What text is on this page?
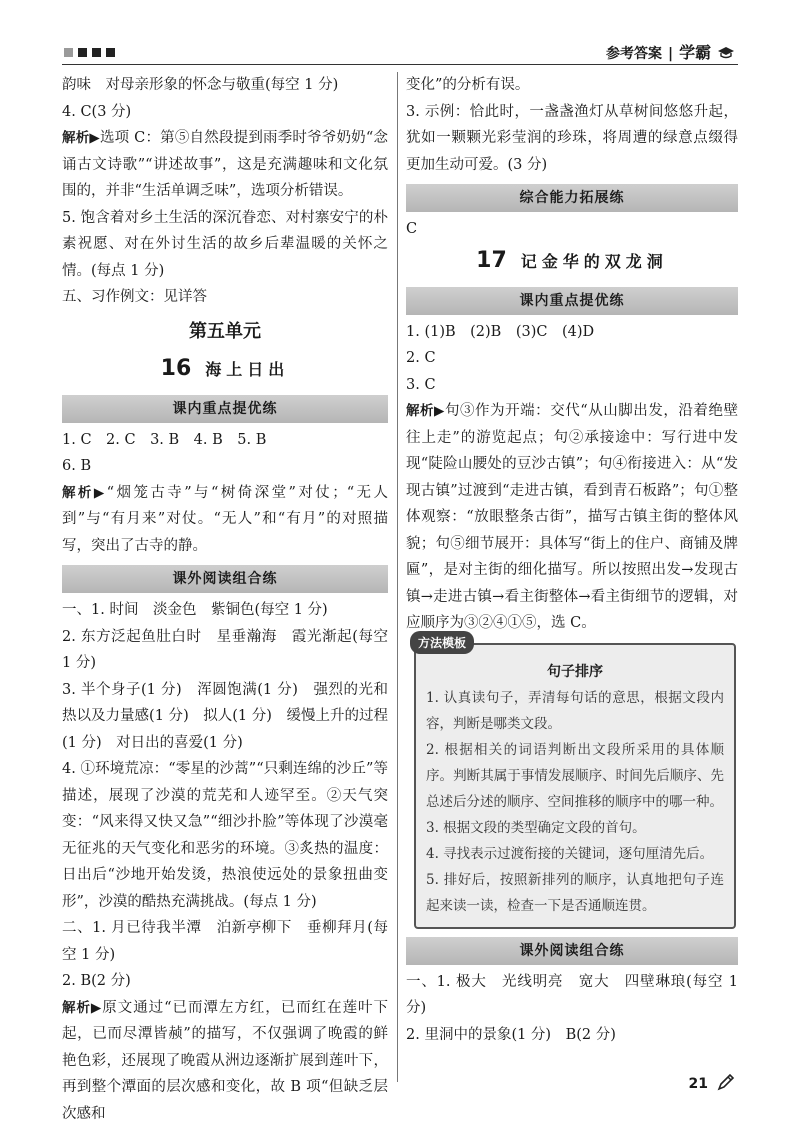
参考答案 | 学霸

韵味　对母亲形象的怀念与敬重(每空 1 分)

4. C(3 分)

解析▶选项 C：第⑤自然段提到雨季时爷爷奶奶“念诵古文诗歌”“讲述故事”，这是充满趣味和文化氛围的，并非“生活单调乏味”，选项分析错误。

5. 饱含着对乡土生活的深沉眷恋、对村寨安宁的朴素祝愿、对在外讨生活的故乡后辈温暖的关怀之情。(每点 1 分)

五、习作例文：见详答

第五单元
16 海上日出
课内重点提优练

1. C　2. C　3. B　4. B　5. B

6. B

解析▶“烟笼古寺”与“树倚深堂”对仗；“无人到”与“有月来”对仗。“无人”和“有月”的对照描写，突出了古寺的静。

课外阅读组合练

一、1. 时间　淡金色　紫铜色(每空 1 分)

2. 东方泛起鱼肚白时　星垂瀚海　霞光渐起(每空 1 分)

3. 半个身子(1 分)　浑圆饱满(1 分)　强烈的光和热以及力量感(1 分)　拟人(1 分)　缓慢上升的过程(1 分)　对日出的喜爱(1 分)

4. ①环境荒凉：“零星的沙蒿”“只剩连绵的沙丘”等描述，展现了沙漠的荒芜和人迹罕至。②天气突变：“风来得又快又急”“细沙扑脸”等体现了沙漠毫无征兆的天气变化和恶劣的环境。③炙热的温度：日出后“沙地开始发烫，热浪使远处的景象扭曲变形”，沙漠的酷热充满挑战。(每点 1 分)

二、1. 月已待我半潭　泊新亭柳下　垂柳拜月(每空 1 分)

2. B(2 分)

解析▶原文通过“已而潭左方红，已而红在莲叶下起，已而尽潭皆赪”的描写，不仅强调了晚霞的鲜艳色彩，还展现了晚霞从洲边逐渐扩展到莲叶下，再到整个潭面的层次感和变化，故 B 项“但缺乏层次感和

变化”的分析有误。

3. 示例：恰此时，一盏盏渔灯从草树间悠悠升起，犹如一颗颗光彩莹润的珍珠，将周遭的绿意点缀得更加生动可爱。(3 分)

综合能力拓展练

C

17 记金华的双龙洞
课内重点提优练

1. (1)B　(2)B　(3)C　(4)D

2. C

3. C

解析▶句③作为开端：交代“从山脚出发，沿着绝壁往上走”的游览起点；句②承接途中：写行进中发现“陡险山腰处的豆沙古镇”；句④衔接进入：从“发现古镇”过渡到“走进古镇，看到青石板路”；句①整体观察：“放眼整条古街”，描写古镇主街的整体风貌；句⑤细节展开：具体写“街上的住户、商铺及牌匾”，是对主街的细化描写。所以按照出发→发现古镇→走进古镇→看主街整体→看主街细节的逻辑，对应顺序为③②④①⑤，选 C。

方法模板
句子排序

1. 认真读句子，弄清每句话的意思，根据文段内容，判断是哪类文段。

2. 根据相关的词语判断出文段所采用的具体顺序。判断其属于事情发展顺序、时间先后顺序、先总述后分述的顺序、空间推移的顺序中的哪一种。

3. 根据文段的类型确定文段的首句。

4. 寻找表示过渡衔接的关键词，逐句厘清先后。

5. 排好后，按照新排列的顺序，认真地把句子连起来读一读，检查一下是否通顺连贯。

课外阅读组合练

一、1. 极大　光线明亮　宽大　四壁琳琅(每空 1 分)

2. 里洞中的景象(1 分)　B(2 分)

21
